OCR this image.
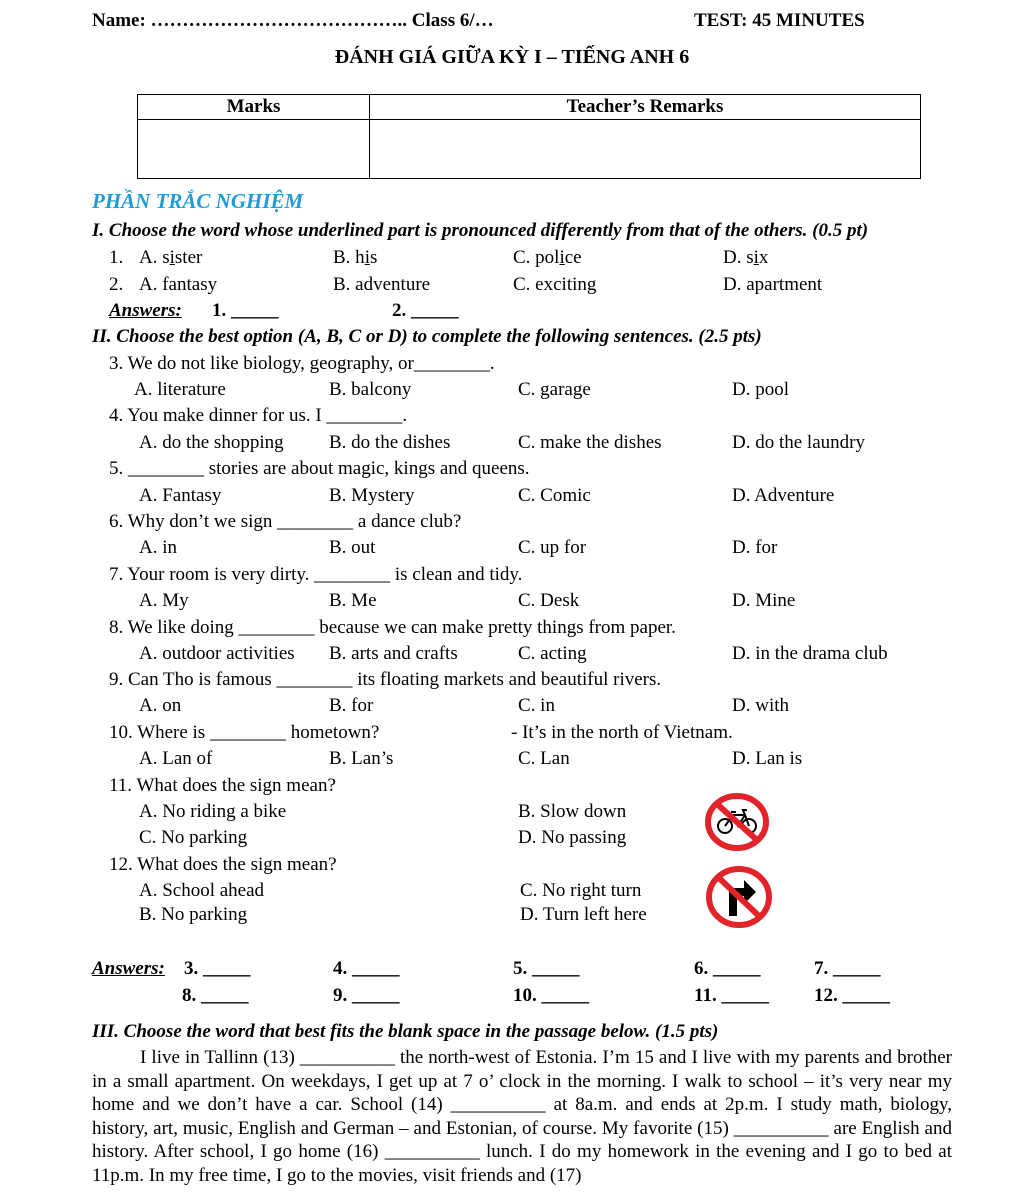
Name: ………………………………….. Class 6/…	TEST: 45 MINUTES
ĐÁNH GIÁ GIỮA KỲ I – TIẾNG ANH 6
Marks	Teacher’s Remarks

PHẦN TRẮC NGHIỆM
I. Choose the word whose underlined part is pronounced differently from that of the others. (0.5 pt)
1. A. sister	B. his	C. police	D. six
2. A. fantasy	B. adventure	C. exciting	D. apartment
Answers: 1. _____	2. _____
II. Choose the best option (A, B, C or D) to complete the following sentences. (2.5 pts)
3. We do not like biology, geography, or________.
A. literature	B. balcony	C. garage	D. pool
4. You make dinner for us. I ________.
A. do the shopping B. do the dishes	C. make the dishes	D. do the laundry
5. ________ stories are about magic, kings and queens.
A. Fantasy	B. Mystery	C. Comic	D. Adventure
6. Why don’t we sign ________ a dance club?
A. in	B. out	C. up for	D. for
7. Your room is very dirty. ________ is clean and tidy.
A. My	B. Me	C. Desk	D. Mine
8. We like doing ________ because we can make pretty things from paper.
A. outdoor activities B. arts and crafts	C. acting	D. in the drama club
9. Can Tho is famous ________ its floating markets and beautiful rivers.
A. on	B. for	C. in	D. with
10. Where is ________ hometown?	- It’s in the north of Vietnam.
A. Lan of	B. Lan’s	C. Lan	D. Lan is
11. What does the sign mean?
A. No riding a bike	B. Slow down
C. No parking	D. No passing
12. What does the sign mean?
A. School ahead	C. No right turn
B. No parking	D. Turn left here
Answers: 3. _____	4. _____	5. _____	6. _____	7. _____
8. _____	9. _____	10. _____	11. _____ 12. _____
III. Choose the word that best fits the blank space in the passage below. (1.5 pts)
I live in Tallinn (13) __________ the north-west of Estonia. I’m 15 and I live with my parents and brother in a small apartment. On weekdays, I get up at 7 o’ clock in the morning. I walk to school – it’s very near my home and we don’t have a car. School (14) __________ at 8a.m. and ends at 2p.m. I study math, biology, history, art, music, English and German – and Estonian, of course. My favorite (15) __________ are English and history. After school, I go home (16) __________ lunch. I do my homework in the evening and I go to bed at 11p.m. In my free time, I go to the movies, visit friends and (17)
